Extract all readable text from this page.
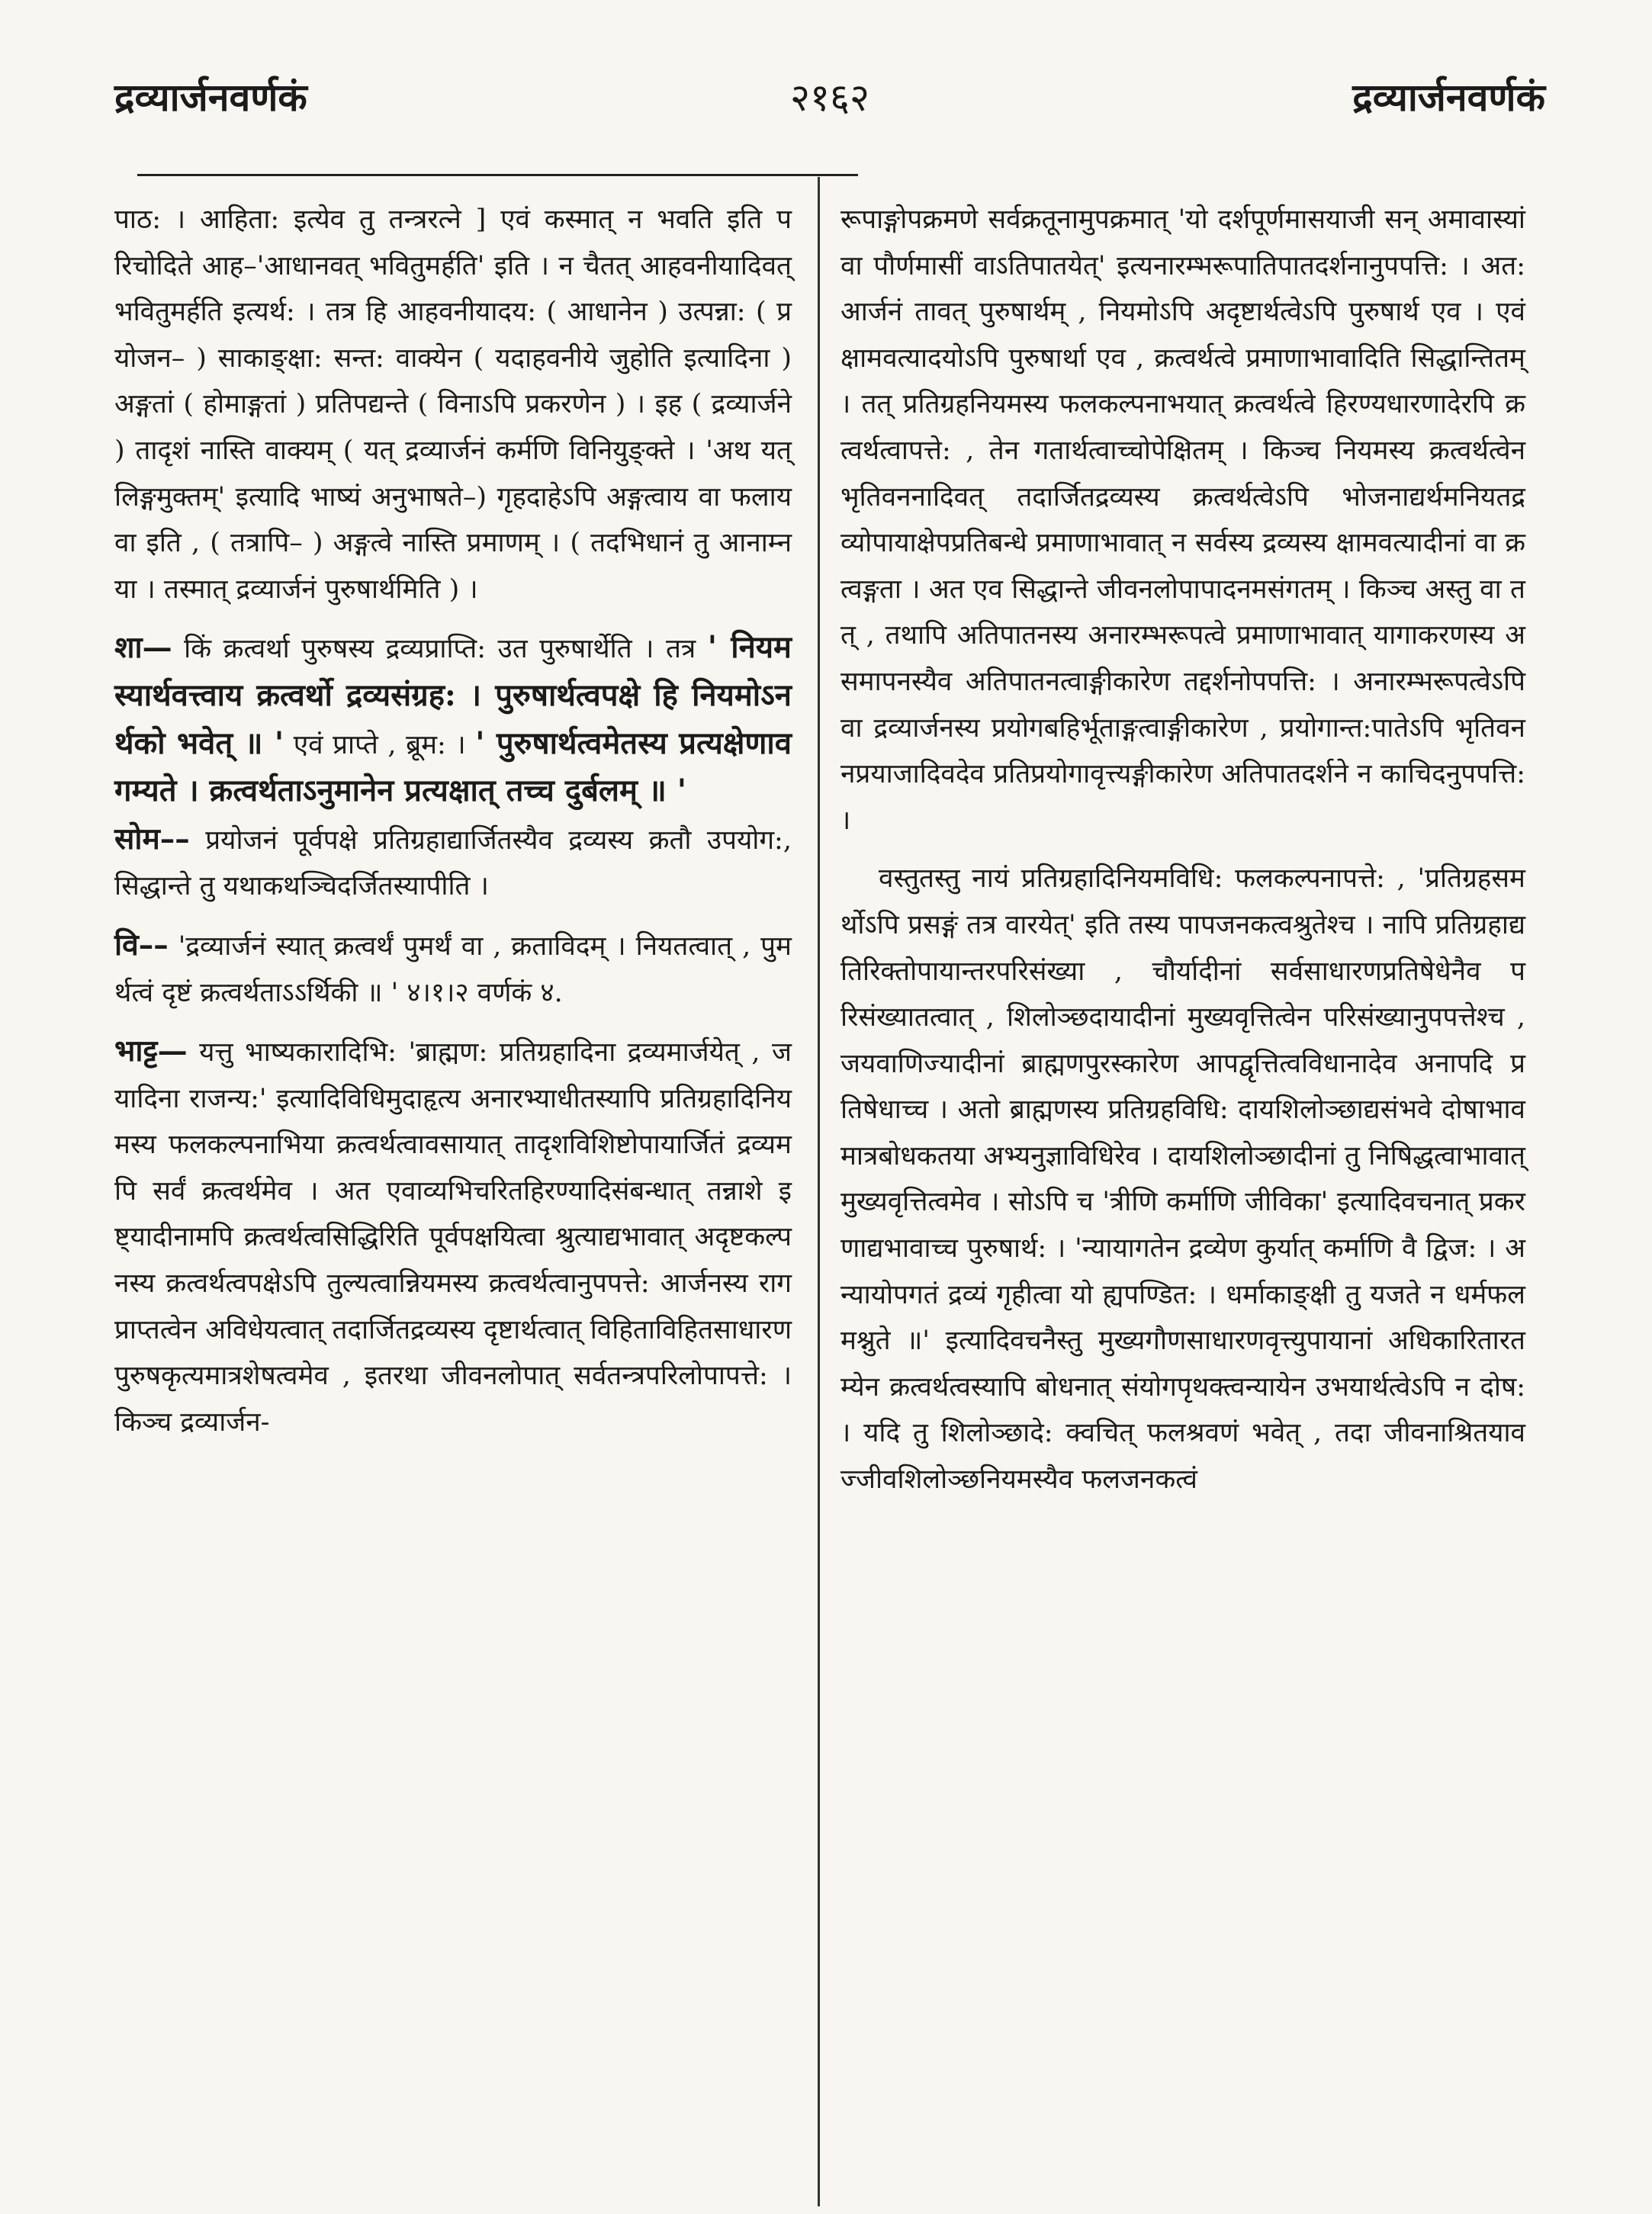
द्रव्यार्जनवर्णकं	२१६२	द्रव्यार्जनवर्णकं

पाठ: । आहिता: इत्येव तु तन्त्ररत्ने ] एवं कस्मात् न भवति इति परिचोदिते आह–'आधानवत् भवितुमर्हति' इति । न चैतत् आहवनीयादिवत् भवितुमर्हति इत्यर्थ: । तत्र हि आहवनीयादय: ( आधानेन ) उत्पन्ना: ( प्रयोजन– ) साकाङ्क्षा: सन्त: वाक्येन ( यदाहवनीये जुहोति इत्यादिना ) अङ्गतां ( होमाङ्गतां ) प्रतिपद्यन्ते ( विनाऽपि प्रकरणेन ) । इह ( द्रव्यार्जने ) तादृशं नास्ति वाक्यम् ( यत् द्रव्यार्जनं कर्मणि विनियुङ्क्ते । 'अथ यत् लिङ्गमुक्तम्' इत्यादि भाष्यं अनुभाषते–) गृहदाहेऽपि अङ्गत्वाय वा फलाय वा इति , ( तत्रापि– ) अङ्गत्वे नास्ति प्रमाणम् । ( तदभिधानं तु आनाम्नया । तस्मात् द्रव्यार्जनं पुरुषार्थमिति ) ।

शा— किं क्रत्वर्था पुरुषस्य द्रव्यप्राप्ति: उत पुरुषार्थेति । तत्र ' नियमस्यार्थवत्त्वाय क्रत्वर्थो द्रव्यसंग्रह: । पुरुषार्थत्वपक्षे हि नियमोऽनर्थको भवेत् ॥ ' एवं प्राप्ते , ब्रूम: । ' पुरुषार्थत्वमेतस्य प्रत्यक्षेणावगम्यते । क्रत्वर्थताऽनुमानेन प्रत्यक्षात् तच्च दुर्बलम् ॥ '

सोम–– प्रयोजनं पूर्वपक्षे प्रतिग्रहाद्यार्जितस्यैव द्रव्यस्य क्रतौ उपयोग:, सिद्धान्ते तु यथाकथञ्चिदर्जितस्यापीति ।

वि–– 'द्रव्यार्जनं स्यात् क्रत्वर्थं पुमर्थं वा , क्रताविदम् । नियतत्वात् , पुमर्थत्वं दृष्टं क्रत्वर्थताऽऽर्थिकी ॥ ' ४।१।२ वर्णकं ४.

भाट्ट— यत्तु भाष्यकारादिभि: 'ब्राह्मण: प्रतिग्रहादिना द्रव्यमार्जयेत् , जयादिना राजन्य:' इत्यादिविधिमुदाहृत्य अनारभ्याधीतस्यापि प्रतिग्रहादिनियमस्य फलकल्पनाभिया क्रत्वर्थत्वावसायात् तादृशविशिष्टोपायार्जितं द्रव्यमपि सर्वं क्रत्वर्थमेव । अत एवाव्यभिचरितहिरण्यादिसंबन्धात् तन्नाशे इष्ट्यादीनामपि क्रत्वर्थत्वसिद्धिरिति पूर्वपक्षयित्वा श्रुत्याद्यभावात् अदृष्टकल्पनस्य क्रत्वर्थत्वपक्षेऽपि तुल्यत्वान्नियमस्य क्रत्वर्थत्वानुपपत्ते: आर्जनस्य रागप्राप्तत्वेन अविधेयत्वात् तदार्जितद्रव्यस्य दृष्टार्थत्वात् विहिताविहितसाधारणपुरुषकृत्यमात्रशेषत्वमेव , इतरथा जीवनलोपात् सर्वतन्त्रपरिलोपापत्ते: । किञ्च द्रव्यार्जन-

रूपाङ्गोपक्रमणे सर्वक्रतूनामुपक्रमात् 'यो दर्शपूर्णमासयाजी सन् अमावास्यां वा पौर्णमासीं वाऽतिपातयेत्' इत्यनारम्भरूपातिपातदर्शनानुपपत्ति: । अत: आर्जनं तावत् पुरुषार्थम् , नियमोऽपि अदृष्टार्थत्वेऽपि पुरुषार्थ एव । एवं क्षामवत्यादयोऽपि पुरुषार्था एव , क्रत्वर्थत्वे प्रमाणाभावादिति सिद्धान्तितम् । तत् प्रतिग्रहनियमस्य फलकल्पनाभयात् क्रत्वर्थत्वे हिरण्यधारणादेरपि क्रत्वर्थत्वापत्ते: , तेन गतार्थत्वाच्चोपेक्षितम् । किञ्च नियमस्य क्रत्वर्थत्वेन भृतिवननादिवत् तदार्जितद्रव्यस्य क्रत्वर्थत्वेऽपि भोजनाद्यर्थमनियतद्रव्योपायाक्षेपप्रतिबन्धे प्रमाणाभावात् न सर्वस्य द्रव्यस्य क्षामवत्यादीनां वा क्रत्वङ्गता । अत एव सिद्धान्ते जीवनलोपापादनमसंगतम् । किञ्च अस्तु वा तत् , तथापि अतिपातनस्य अनारम्भरूपत्वे प्रमाणाभावात् यागाकरणस्य असमापनस्यैव अतिपातनत्वाङ्गीकारेण तद्दर्शनोपपत्ति: । अनारम्भरूपत्वेऽपि वा द्रव्यार्जनस्य प्रयोगबहिर्भूताङ्गत्वाङ्गीकारेण , प्रयोगान्त:पातेऽपि भृतिवननप्रयाजादिवदेव प्रतिप्रयोगावृत्त्यङ्गीकारेण अतिपातदर्शने न काचिदनुपपत्ति: ।

वस्तुतस्तु नायं प्रतिग्रहादिनियमविधि: फलकल्पनापत्ते: , 'प्रतिग्रहसमर्थोऽपि प्रसङ्गं तत्र वारयेत्' इति तस्य पापजनकत्वश्रुतेश्च । नापि प्रतिग्रहाद्यतिरिक्तोपायान्तरपरिसंख्या , चौर्यादीनां सर्वसाधारणप्रतिषेधेनैव परिसंख्यातत्वात् , शिलोञ्छदायादीनां मुख्यवृत्तित्वेन परिसंख्यानुपपत्तेश्च , जयवाणिज्यादीनां ब्राह्मणपुरस्कारेण आपद्वृत्तित्वविधानादेव अनापदि प्रतिषेधाच्च । अतो ब्राह्मणस्य प्रतिग्रहविधि: दायशिलोञ्छाद्यसंभवे दोषाभावमात्रबोधकतया अभ्यनुज्ञाविधिरेव । दायशिलोञ्छादीनां तु निषिद्धत्वाभावात् मुख्यवृत्तित्वमेव । सोऽपि च 'त्रीणि कर्माणि जीविका' इत्यादिवचनात् प्रकरणाद्यभावाच्च पुरुषार्थ: । 'न्यायागतेन द्रव्येण कुर्यात् कर्माणि वै द्विज: । अन्यायोपगतं द्रव्यं गृहीत्वा यो ह्यपण्डित: । धर्माकाङ्क्षी तु यजते न धर्मफलमश्नुते ॥' इत्यादिवचनैस्तु मुख्यगौणसाधारणवृत्त्युपायानां अधिकारितारतम्येन क्रत्वर्थत्वस्यापि बोधनात् संयोगपृथक्त्वन्यायेन उभयार्थत्वेऽपि न दोष: । यदि तु शिलोञ्छादे: क्वचित् फलश्रवणं भवेत् , तदा जीवनाश्रितयावज्जीवशिलोञ्छनियमस्यैव फलजनकत्वं
